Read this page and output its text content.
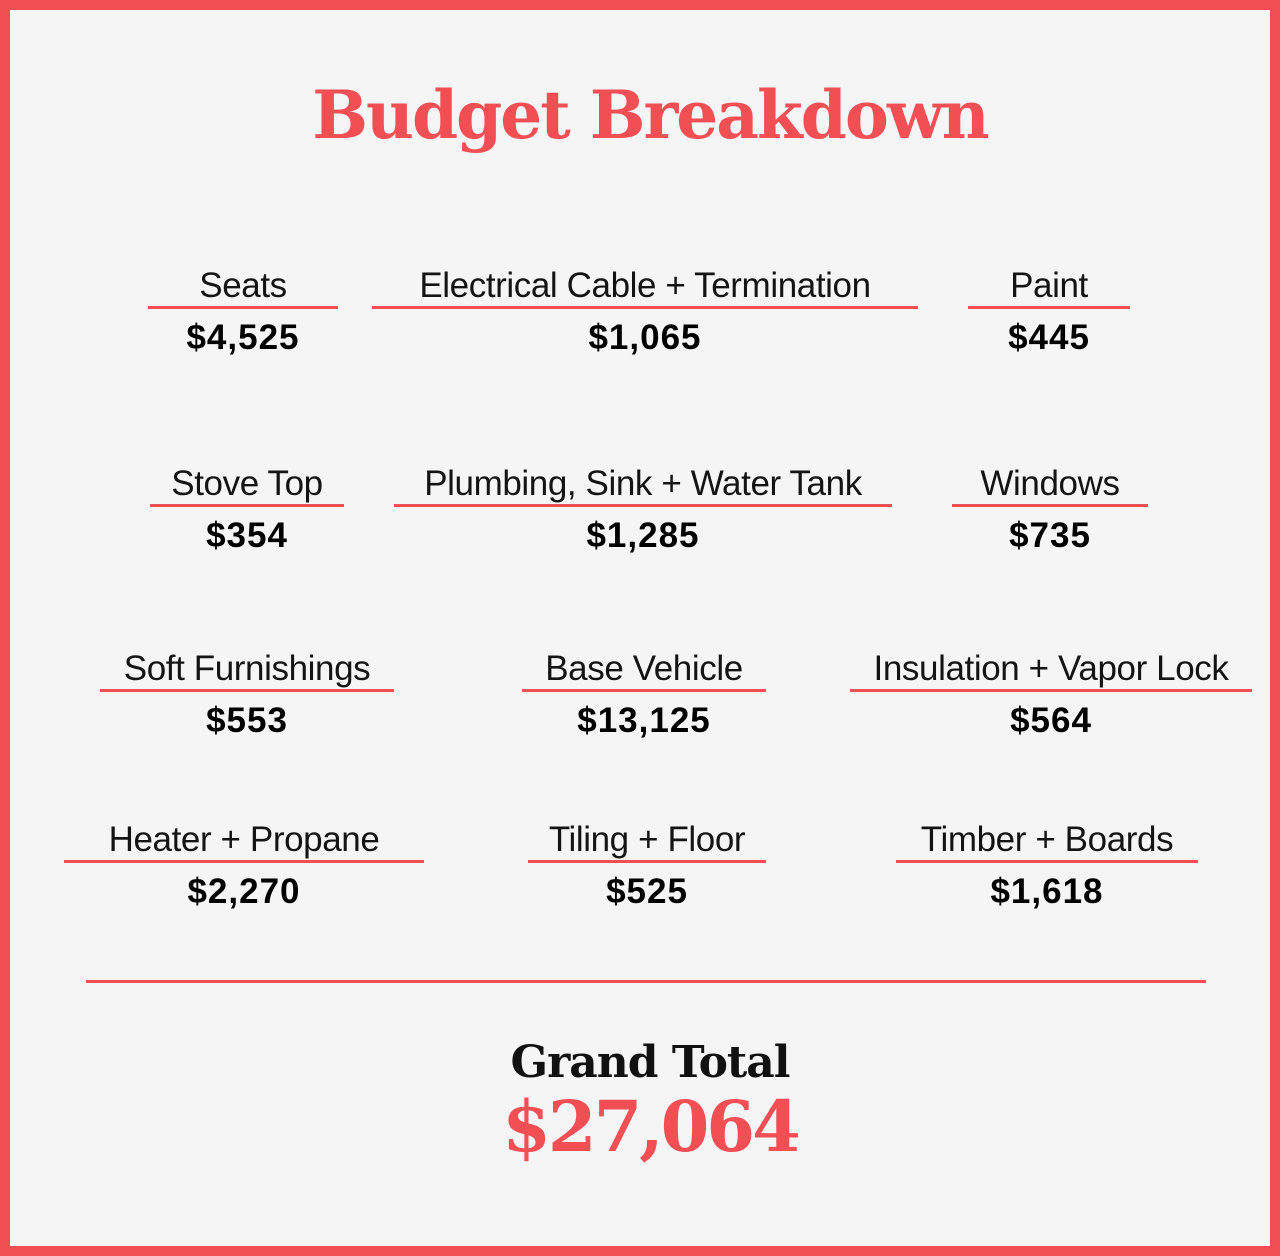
Budget Breakdown
Seats
$4,525
Electrical Cable + Termination
$1,065
Paint
$445
Stove Top
$354
Plumbing, Sink + Water Tank
$1,285
Windows
$735
Soft Furnishings
$553
Base Vehicle
$13,125
Insulation + Vapor Lock
$564
Heater + Propane
$2,270
Tiling + Floor
$525
Timber + Boards
$1,618
Grand Total
$27,064
